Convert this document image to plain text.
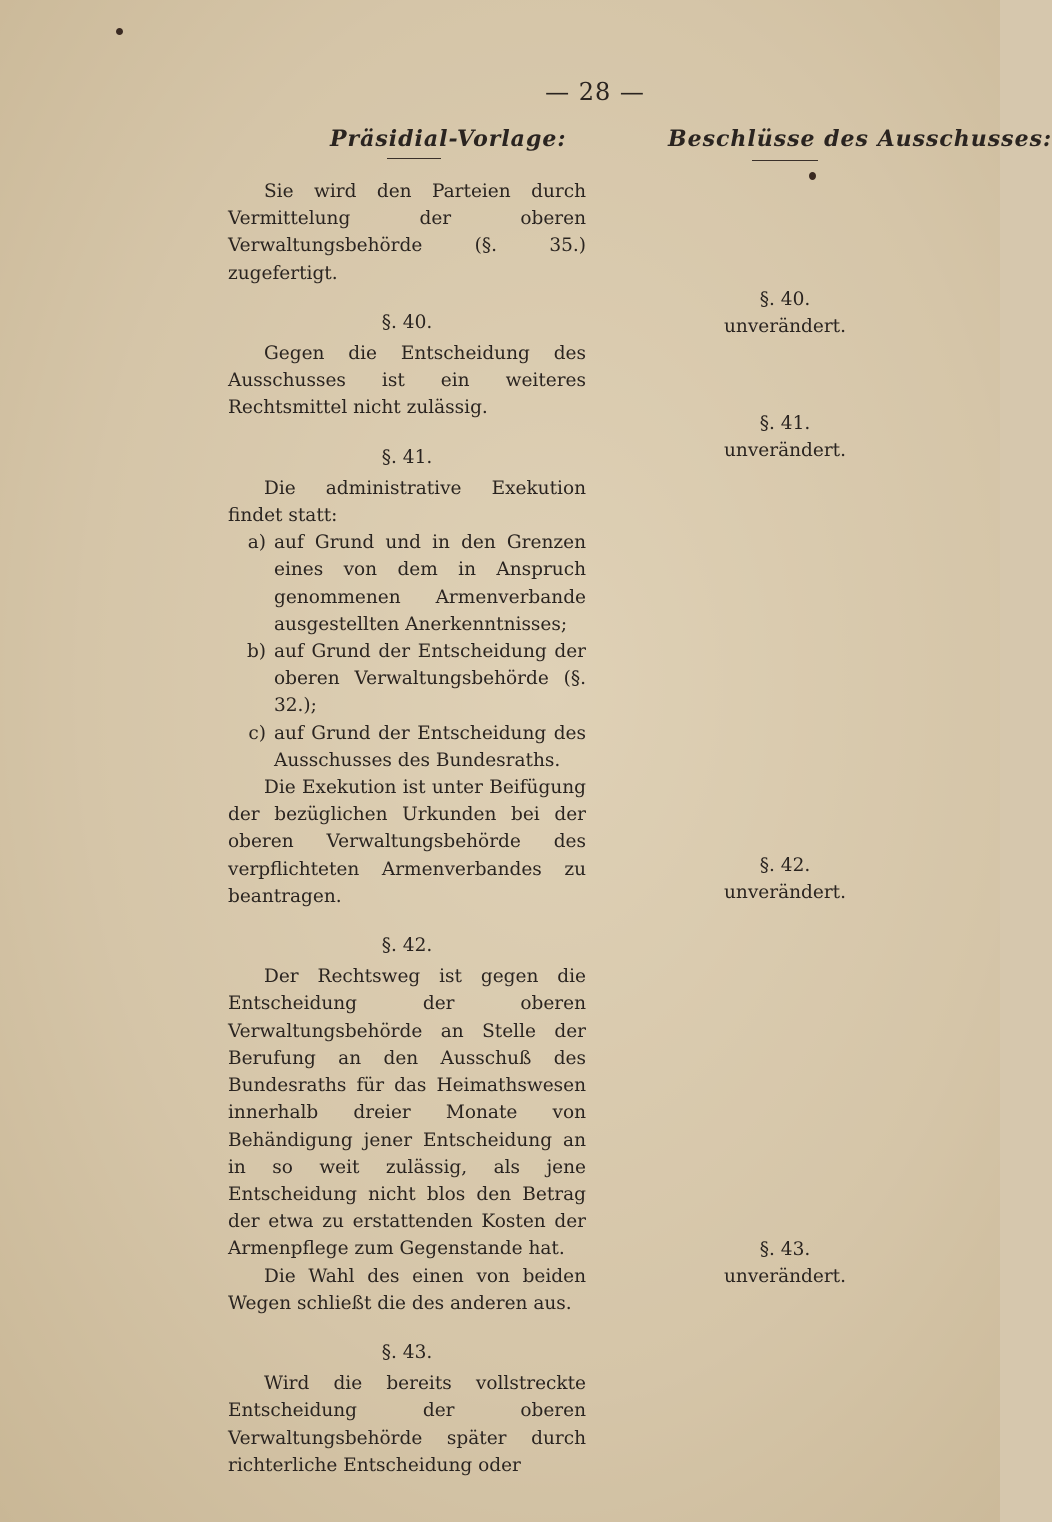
— 28 —
Präsidial-Vorlage:	Beschlüsse des Ausschusses:

Sie wird den Parteien durch Vermittelung der oberen Verwaltungsbehörde (§. 35.) zugefertigt.

§. 40.

Gegen die Entscheidung des Ausschusses ist ein weiteres Rechtsmittel nicht zulässig.

§. 41.

Die administrative Exekution findet statt:

a) auf Grund und in den Grenzen eines von dem in Anspruch genommenen Armenverbande ausgestellten Anerkenntnisses;
b) auf Grund der Entscheidung der oberen Verwaltungsbehörde (§. 32.);
c) auf Grund der Entscheidung des Ausschusses des Bundesraths.

Die Exekution ist unter Beifügung der bezüglichen Urkunden bei der oberen Verwaltungsbehörde des verpflichteten Armenverbandes zu beantragen.

§. 42.

Der Rechtsweg ist gegen die Entscheidung der oberen Verwaltungsbehörde an Stelle der Berufung an den Ausschuß des Bundesraths für das Heimathswesen innerhalb dreier Monate von Behändigung jener Entscheidung an in so weit zulässig, als jene Entscheidung nicht blos den Betrag der etwa zu erstattenden Kosten der Armenpflege zum Gegenstande hat.

Die Wahl des einen von beiden Wegen schließt die des anderen aus.

§. 43.

Wird die bereits vollstreckte Entscheidung der oberen Verwaltungsbehörde später durch richterliche Entscheidung oder

§. 40.

unverändert.

§. 41.

unverändert.

§. 42.

unverändert.

§. 43.

unverändert.
